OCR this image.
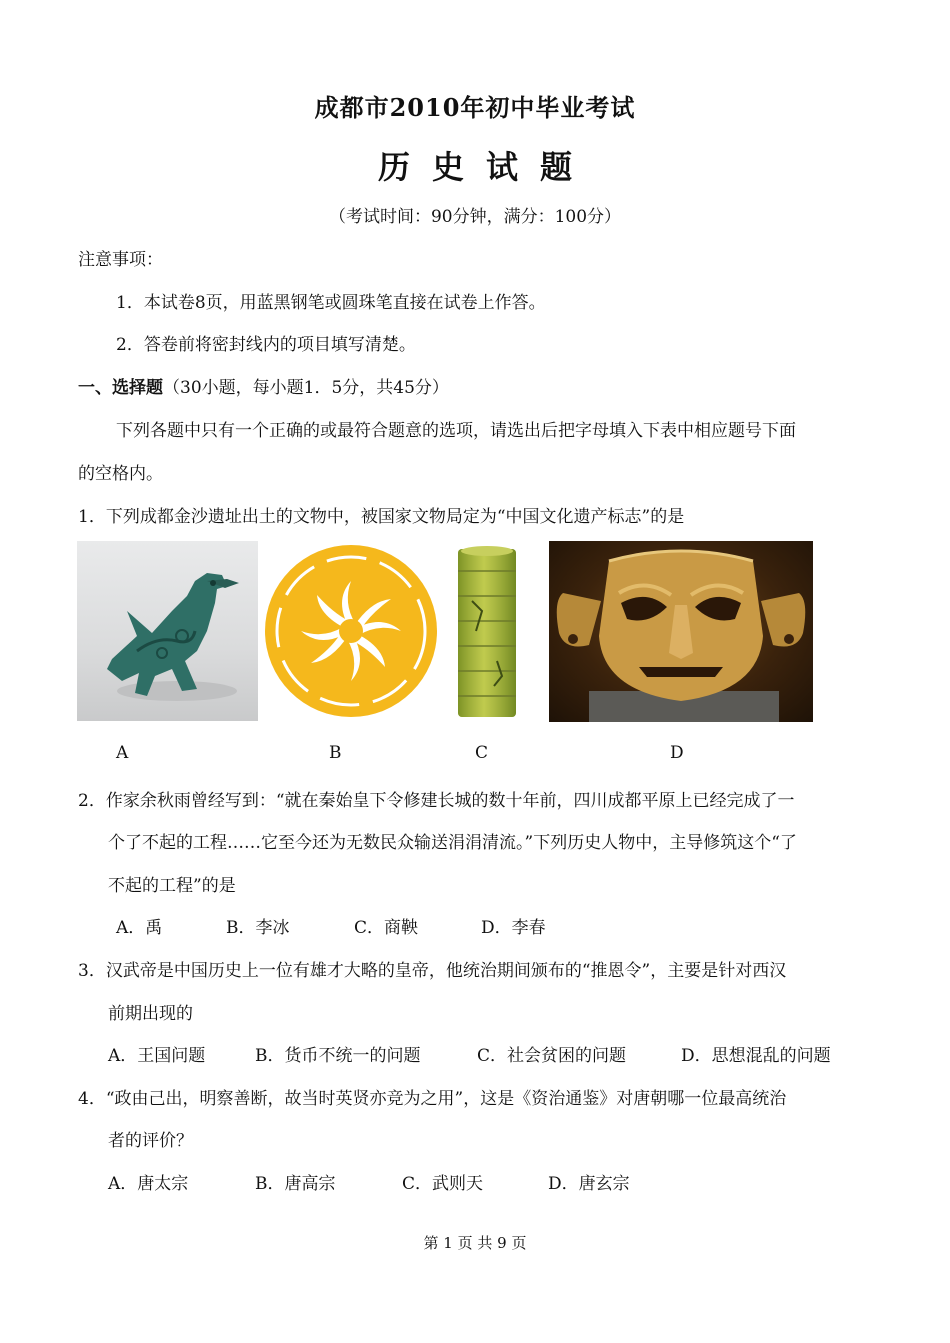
成都市2010年初中毕业考试
历史试题
（考试时间：90分钟，满分：100分）
注意事项：
1．本试卷8页，用蓝黑钢笔或圆珠笔直接在试卷上作答。
2．答卷前将密封线内的项目填写清楚。
一、选择题（30小题，每小题1．5分，共45分）
下列各题中只有一个正确的或最符合题意的选项，请选出后把字母填入下表中相应题号下面
的空格内。
1．下列成都金沙遗址出土的文物中，被国家文物局定为“中国文化遗产标志”的是
A	B	C	D
2．作家余秋雨曾经写到：“就在秦始皇下令修建长城的数十年前，四川成都平原上已经完成了一
个了不起的工程……它至今还为无数民众输送涓涓清流。”下列历史人物中，主导修筑这个“了
不起的工程”的是
A．禹	B．李冰	C．商鞅	D．李春
3．汉武帝是中国历史上一位有雄才大略的皇帝，他统治期间颁布的“推恩令”，主要是针对西汉
前期出现的
A．王国问题	B．货币不统一的问题	C．社会贫困的问题	D．思想混乱的问题
4．“政由己出，明察善断，故当时英贤亦竞为之用”，这是《资治通鉴》对唐朝哪一位最高统治
者的评价？
A．唐太宗	B．唐高宗	C．武则天	D．唐玄宗
第 1 页 共 9 页
